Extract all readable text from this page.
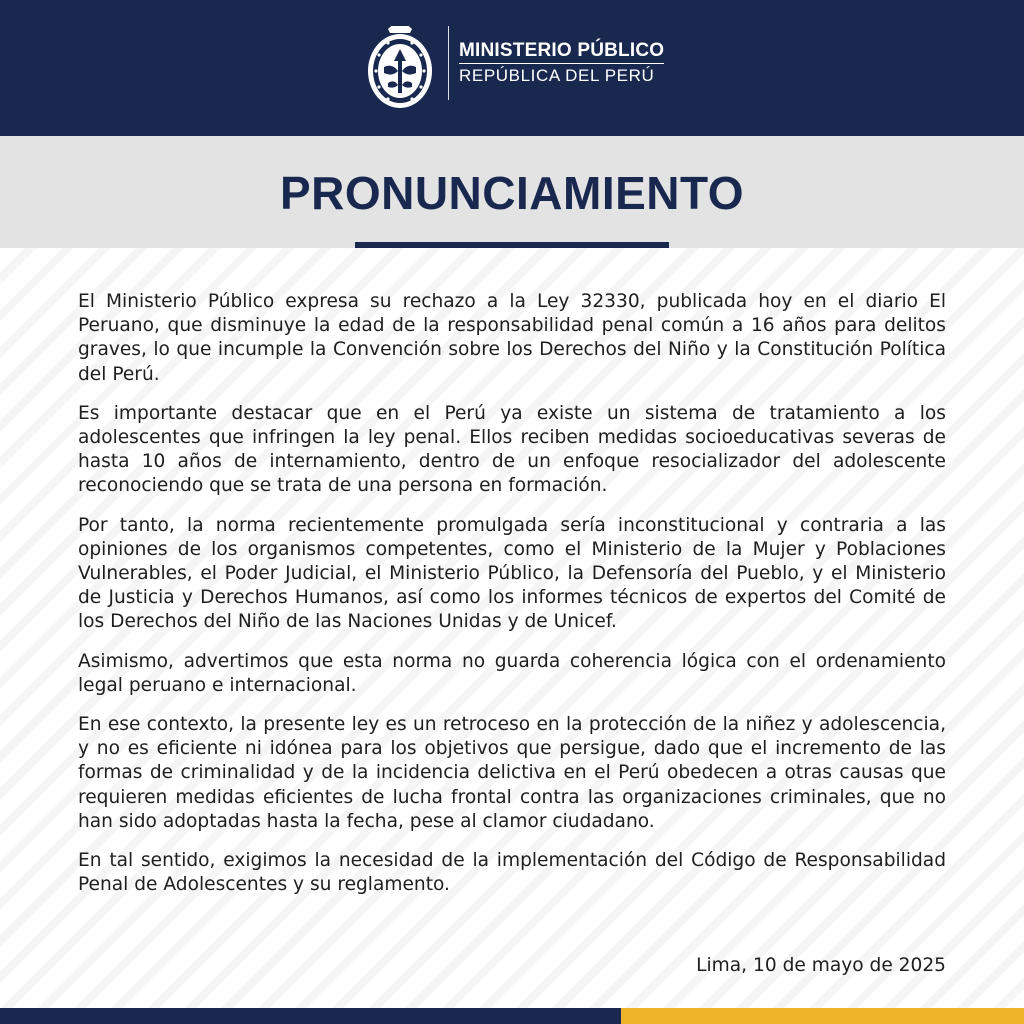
MINISTERIO PÚBLICO
REPÚBLICA DEL PERÚ
PRONUNCIAMIENTO

El Ministerio Público expresa su rechazo a la Ley 32330, publicada hoy en el diario El Peruano, que disminuye la edad de la responsabilidad penal común a 16 años para delitos graves, lo que incumple la Convención sobre los Derechos del Niño y la Constitución Política del Perú.

Es importante destacar que en el Perú ya existe un sistema de tratamiento a los adolescentes que infringen la ley penal. Ellos reciben medidas socioeducativas severas de hasta 10 años de internamiento, dentro de un enfoque resocializador del adolescente reconociendo que se trata de una persona en formación.

Por tanto, la norma recientemente promulgada sería inconstitucional y contraria a las opiniones de los organismos competentes, como el Ministerio de la Mujer y Poblaciones Vulnerables, el Poder Judicial, el Ministerio Público, la Defensoría del Pueblo, y el Ministerio de Justicia y Derechos Humanos, así como los informes técnicos de expertos del Comité de los Derechos del Niño de las Naciones Unidas y de Unicef.

Asimismo, advertimos que esta norma no guarda coherencia lógica con el ordenamiento legal peruano e internacional.

En ese contexto, la presente ley es un retroceso en la protección de la niñez y adolescencia, y no es eficiente ni idónea para los objetivos que persigue, dado que el incremento de las formas de criminalidad y de la incidencia delictiva en el Perú obedecen a otras causas que requieren medidas eficientes de lucha frontal contra las organizaciones criminales, que no han sido adoptadas hasta la fecha, pese al clamor ciudadano.

En tal sentido, exigimos la necesidad de la implementación del Código de Responsabilidad Penal de Adolescentes y su reglamento.

Lima, 10 de mayo de 2025
